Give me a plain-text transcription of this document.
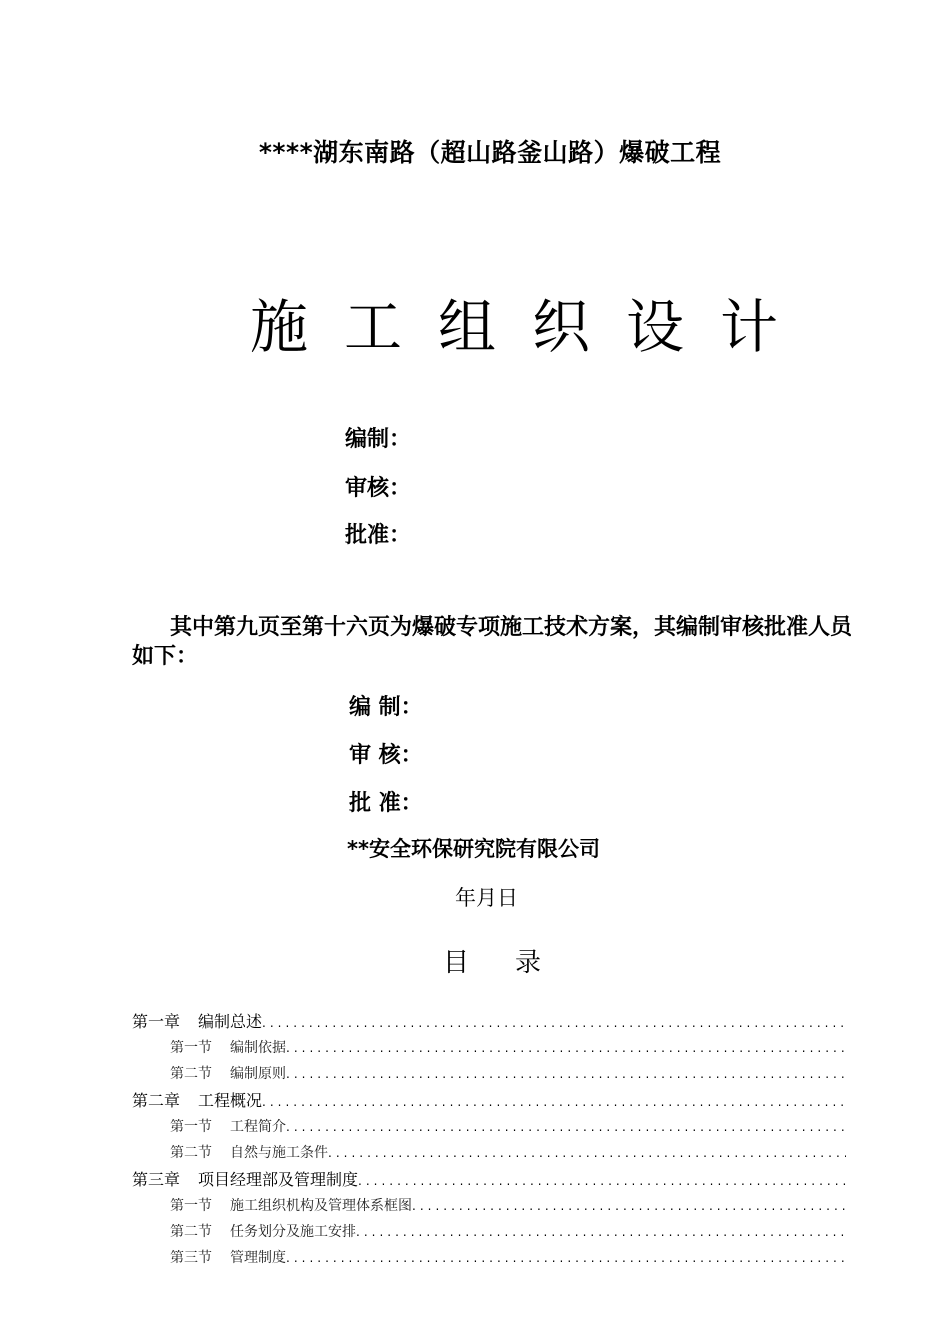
****湖东南路（超山路釜山路）爆破工程
施工组织设计
编制：
审核：
批准：
其中第九页至第十六页为爆破专项施工技术方案，其编制审核批准人员如下：
编 制：
审 核：
批 准：
**安全环保研究院有限公司
年月日
目录
第一章 编制总述
.....
第一节 编制依据
.....
第二节 编制原则
.....
第二章 工程概况
.....
第一节 工程简介
.....
第二节 自然与施工条件
.....
第三章 项目经理部及管理制度
.....
第一节 施工组织机构及管理体系框图
.....
第二节 任务划分及施工安排
.....
第三节 管理制度
.....
